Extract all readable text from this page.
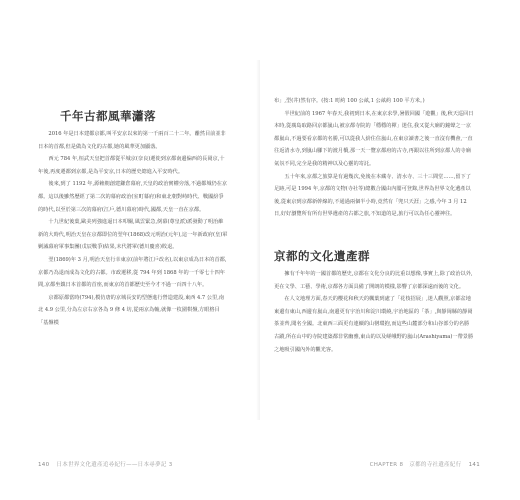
千年古都風華瀟落

2016 年是日本建都京都,叫平安京以來的第一千兩百二十二年。離然目前並非日本的首都,但是做為文化的古都,她的風華更加顯落。

西元 784 年,桓武天皇把首都從平城京(奈良)遷徙到京都南邊偏西的長岡京,十年後,再度遷都到京都,是為平安京,日本的歷史總進入平安時代。

後來,到了 1192 年,源賴朝創建鎌倉幕府,天皇的政治實權旁落,不過都城仍在京都。這以後雖然歷經了第二次的幕府政治(室町幕府)和東北朝對峙時代、戰國紛爭的時代,以至於第三次的幕府(江戶,德川幕府)時代,國都,天皇一直在京都。

十九世紀後葉,歐美列強進逼日本叩關,風雲緊急,倒幕(尊皇派)派發動了明治維新的大時代,明治天皇在京都即位的翌年(1868)改元明治(元年),這一年新政府(皇)軍剿滅幕府軍事集團(戊辰戰爭)結果,末代將軍(德川慶喜)敗退。

翌(1869)年 3 月,明治天皇行幸東京(前年將江戶改名),以東京成為日本的首都,京都乃為退而成為文化的古都。市政遷移,從 794 年到 1868 年的一千零七十四年間,京都坐鎮日本首都的首座,而東京的首都歷史至今才不過一百四十八年。

京都原都當時(794),模仿唐的京城長安的型態進行營造建設,東西 4.7 公里,南北 4.9 公里,分為左京右京各為 9 條 4 坊,從兩京為軸,就像一枚圍棋盤,方眼格目「基盤模

140 日本世界文化遺產追尋紀行——日本尋夢記 3

布」,型(井)然有序。(按:1 町約 100 公畝,1 公畝約 100 平方米。)

半世紀前的 1967 年春天,我初到日本,在東京求學,暑假回國「遊觀」後,秋天巡回日本時,從廣島取路回京都嵐山,被京都寺院的「穩穩的禪」迷住,我又從大廟的鐘聲之一京都嵐山,不過要看京都的名勝,可以從我人紛住住嵐山,在東京讀書之後一直沒有機會,一直往返清水寺,到嵐山腳下的渡月橋,那一天一覽京都府的古寺,再跟以往所到京都人的寺廟氣氛不同,完全是我的精神以及心靈的寄託。

五十年來,京都之旅算是有過幾次,免後在本藏寺、清水寺、三十三間堂……,留下了足跡,可是 1994 年,京都的文物(寺社等)總數合國由內閣可登錄,世界為世界文化遺產以後,從東京到京都新幹線的,不通過兩個半小時,竟然有「兜只天涯」之感,今年 3 月 12 日,好好瀏覽所有所有世界遺產的古都之旅,不知道的是,旅行可以為任心靈神往。

京都的文化遺產群

擁有千年年的一國首都的歷史,京都在文化分良的比重以想像,事實上,除了政治以外,更在文學、工藝、學術,京都各方面具備了開朗的模樣,影響了京都深遠而後的文化。

在人文地理方面,春天的櫻花和秋天的楓葉到處了「花枝招展」,迷人觀照,京都盆地東邊有東山,西邊有嵐山,南邊更有宇治川和淀川環繞,宇治地區的「茶」,與靜岡縣的靜岡茶並齊,聞名全國。北東西三面更有連續的山巒環抱,而這些山麓部分和山谷部分的名勝古蹟,所在山中的寺院建築都非常幽雅,東山的以及嵯峨野的嵐山(Arashiyama)一帶景勝之地吸引國內外的觀光客。

CHAPTER 8 京都的寺社遺產紀行 141
